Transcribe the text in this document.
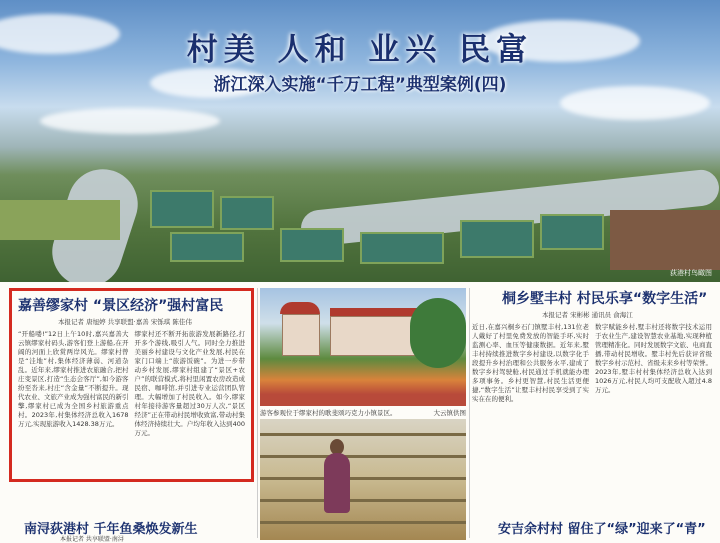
村美 人和 业兴 民富
浙江深入实施“千万工程”典型案例(四)
荻港村鸟瞰图
嘉善缪家村 “景区经济”强村富民
本报记者 唐旭婷 共享联盟·嘉善 宋铄琪 陈佳伟

“开船喽!”12日上午10时,嘉兴嘉善大云镇缪家村码头,游客们登上游船,在开阔的河面上欣赏两岸风光。缪家村曾是“洼地”村,集体经济薄弱、河道杂乱。近年来,缪家村推进农旅融合,把村庄变景区,打造“生态会客厅”,如今游客纷至沓来,村庄“含金量”不断提升。现代农业、文旅产业成为强村富民的新引擎,缪家村已成为全国乡村旅游重点村。2023年,村集体经济总收入1678万元,实现旅游收入1428.38万元。

缪家村还不断开拓旅游发展新路径,打开多个游线,吸引人气。同时全力推进美丽乡村建设与文化产业发展,村民在家门口端上“旅游饭碗”。为进一步带动乡村发展,缪家村组建了“景区+农户”的联营模式,将村里闲置农房改造成民宿、咖啡馆,并引进专业运营团队管理。大幅增加了村民收入。如今,缪家村年接待游客量超过30万人次,“景区经济”正在带动村民增收致富,带动村集体经济持续壮大。户均年收入达到400万元。

游客参观位于缪家村的歌斐颂巧克力小镇景区。	大云镇供图
桐乡墅丰村 村民乐享“数字生活”
本报记者 宋彬彬 通讯员 俞海江

近日,在嘉兴桐乡石门镇墅丰村,131位老人戴好了村里免费发放的智能手环,实时监测心率、血压等健康数据。近年来,墅丰村持续推进数字乡村建设,以数字化手段提升乡村治理和公共服务水平,建成了数字乡村驾驶舱,村民通过手机就能办理多项事务。乡村更智慧,村民生活更便捷,“数字生活”让墅丰村村民享受到了实实在在的便利。

数字赋能乡村,墅丰村还将数字技术运用于农业生产,建设智慧农业基地,实现种植管理精准化。同时发展数字文旅、电商直播,带动村民增收。墅丰村先后获评省级数字乡村示范村、省级未来乡村等荣誉。2023年,墅丰村村集体经济总收入达到1026万元,村民人均可支配收入超过4.8万元。

南浔荻港村 千年鱼桑焕发新生
本报记者 共享联盟·南浔
安吉余村村 留住了“绿”迎来了“青”
